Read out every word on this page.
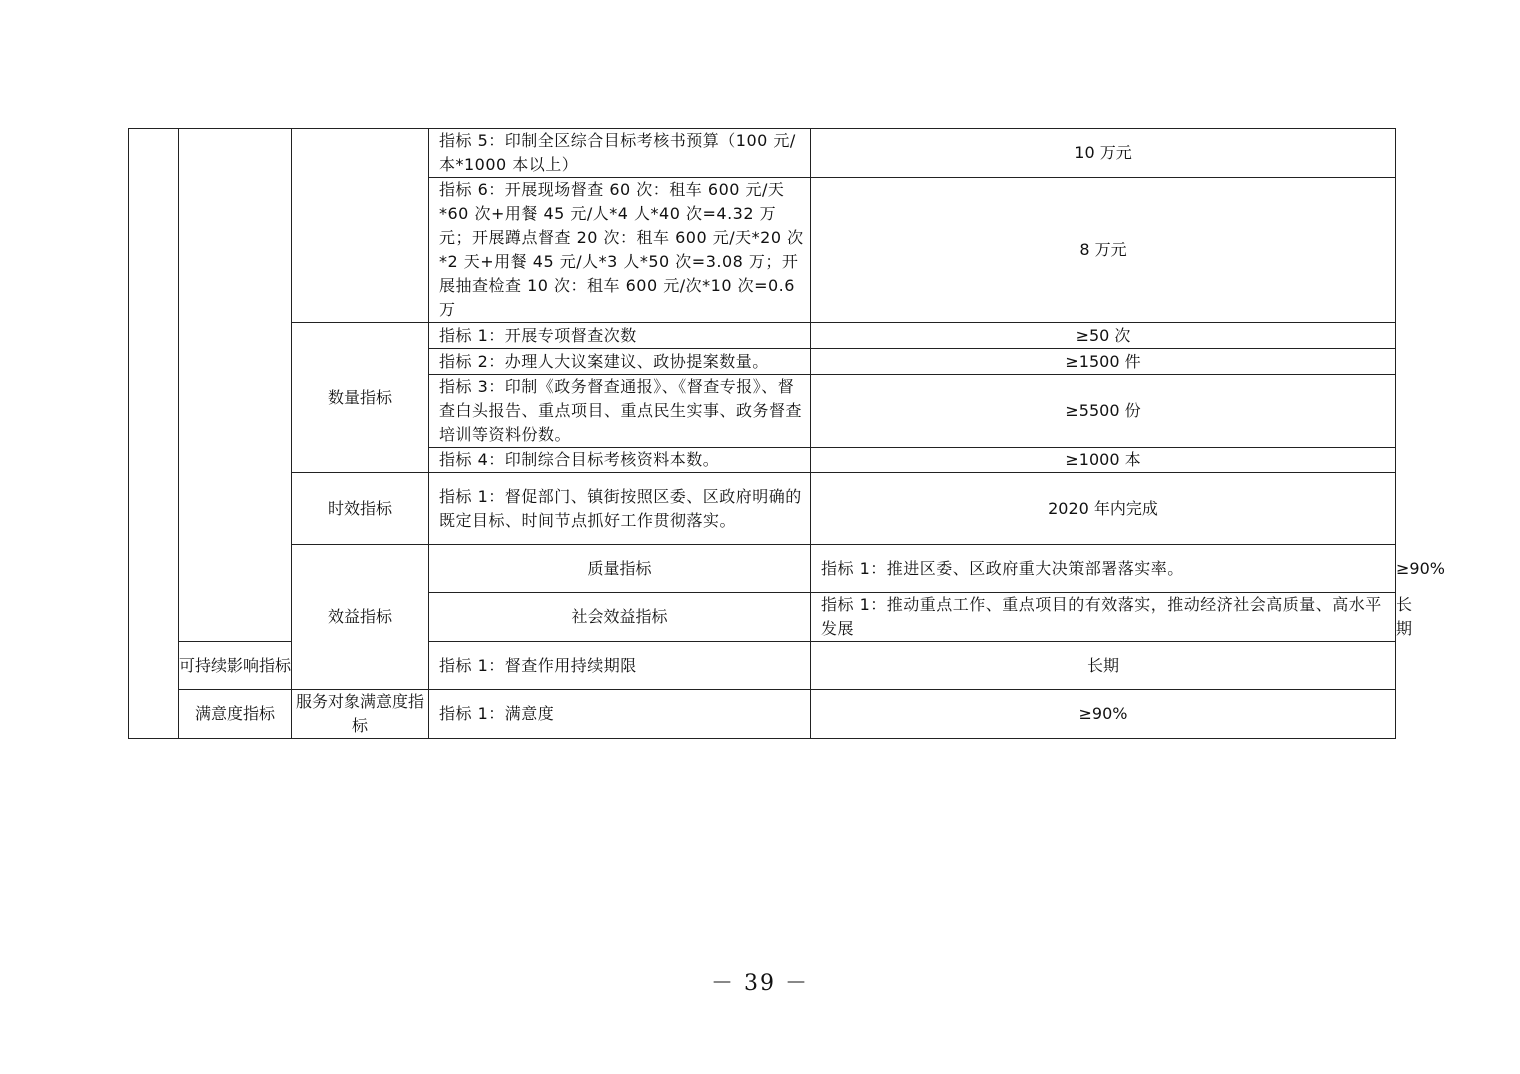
			指标 5：印制全区综合目标考核书预算（100 元/本*1000 本以上）	10 万元	
			指标 6：开展现场督查 60 次：租车 600 元/天*60 次+用餐 45 元/人*4 人*40 次=4.32 万元；开展蹲点督查 20 次：租车 600 元/天*20 次*2 天+用餐 45 元/人*3 人*50 次=3.08 万；开展抽查检查 10 次：租车 600 元/次*10 次=0.6 万	8 万元	
		数量指标	指标 1：开展专项督查次数	≥50 次	
			指标 2：办理人大议案建议、政协提案数量。	≥1500 件	
			指标 3：印制《政务督查通报》、《督查专报》、督查白头报告、重点项目、重点民生实事、政务督查培训等资料份数。	≥5500 份	
			指标 4：印制综合目标考核资料本数。	≥1000 本	
		时效指标	指标 1：督促部门、镇街按照区委、区政府明确的既定目标、时间节点抓好工作贯彻落实。	2020 年内完成	
		效益指标	质量指标	指标 1：推进区委、区政府重大决策部署落实率。	≥90%
			社会效益指标	指标 1：推动重点工作、重点项目的有效落实，推动经济社会高质量、高水平发展	长期
	可持续影响指标		指标 1：督查作用持续期限	长期	
	满意度指标	服务对象满意度指标	指标 1：满意度	≥90%	
－ 39 －
